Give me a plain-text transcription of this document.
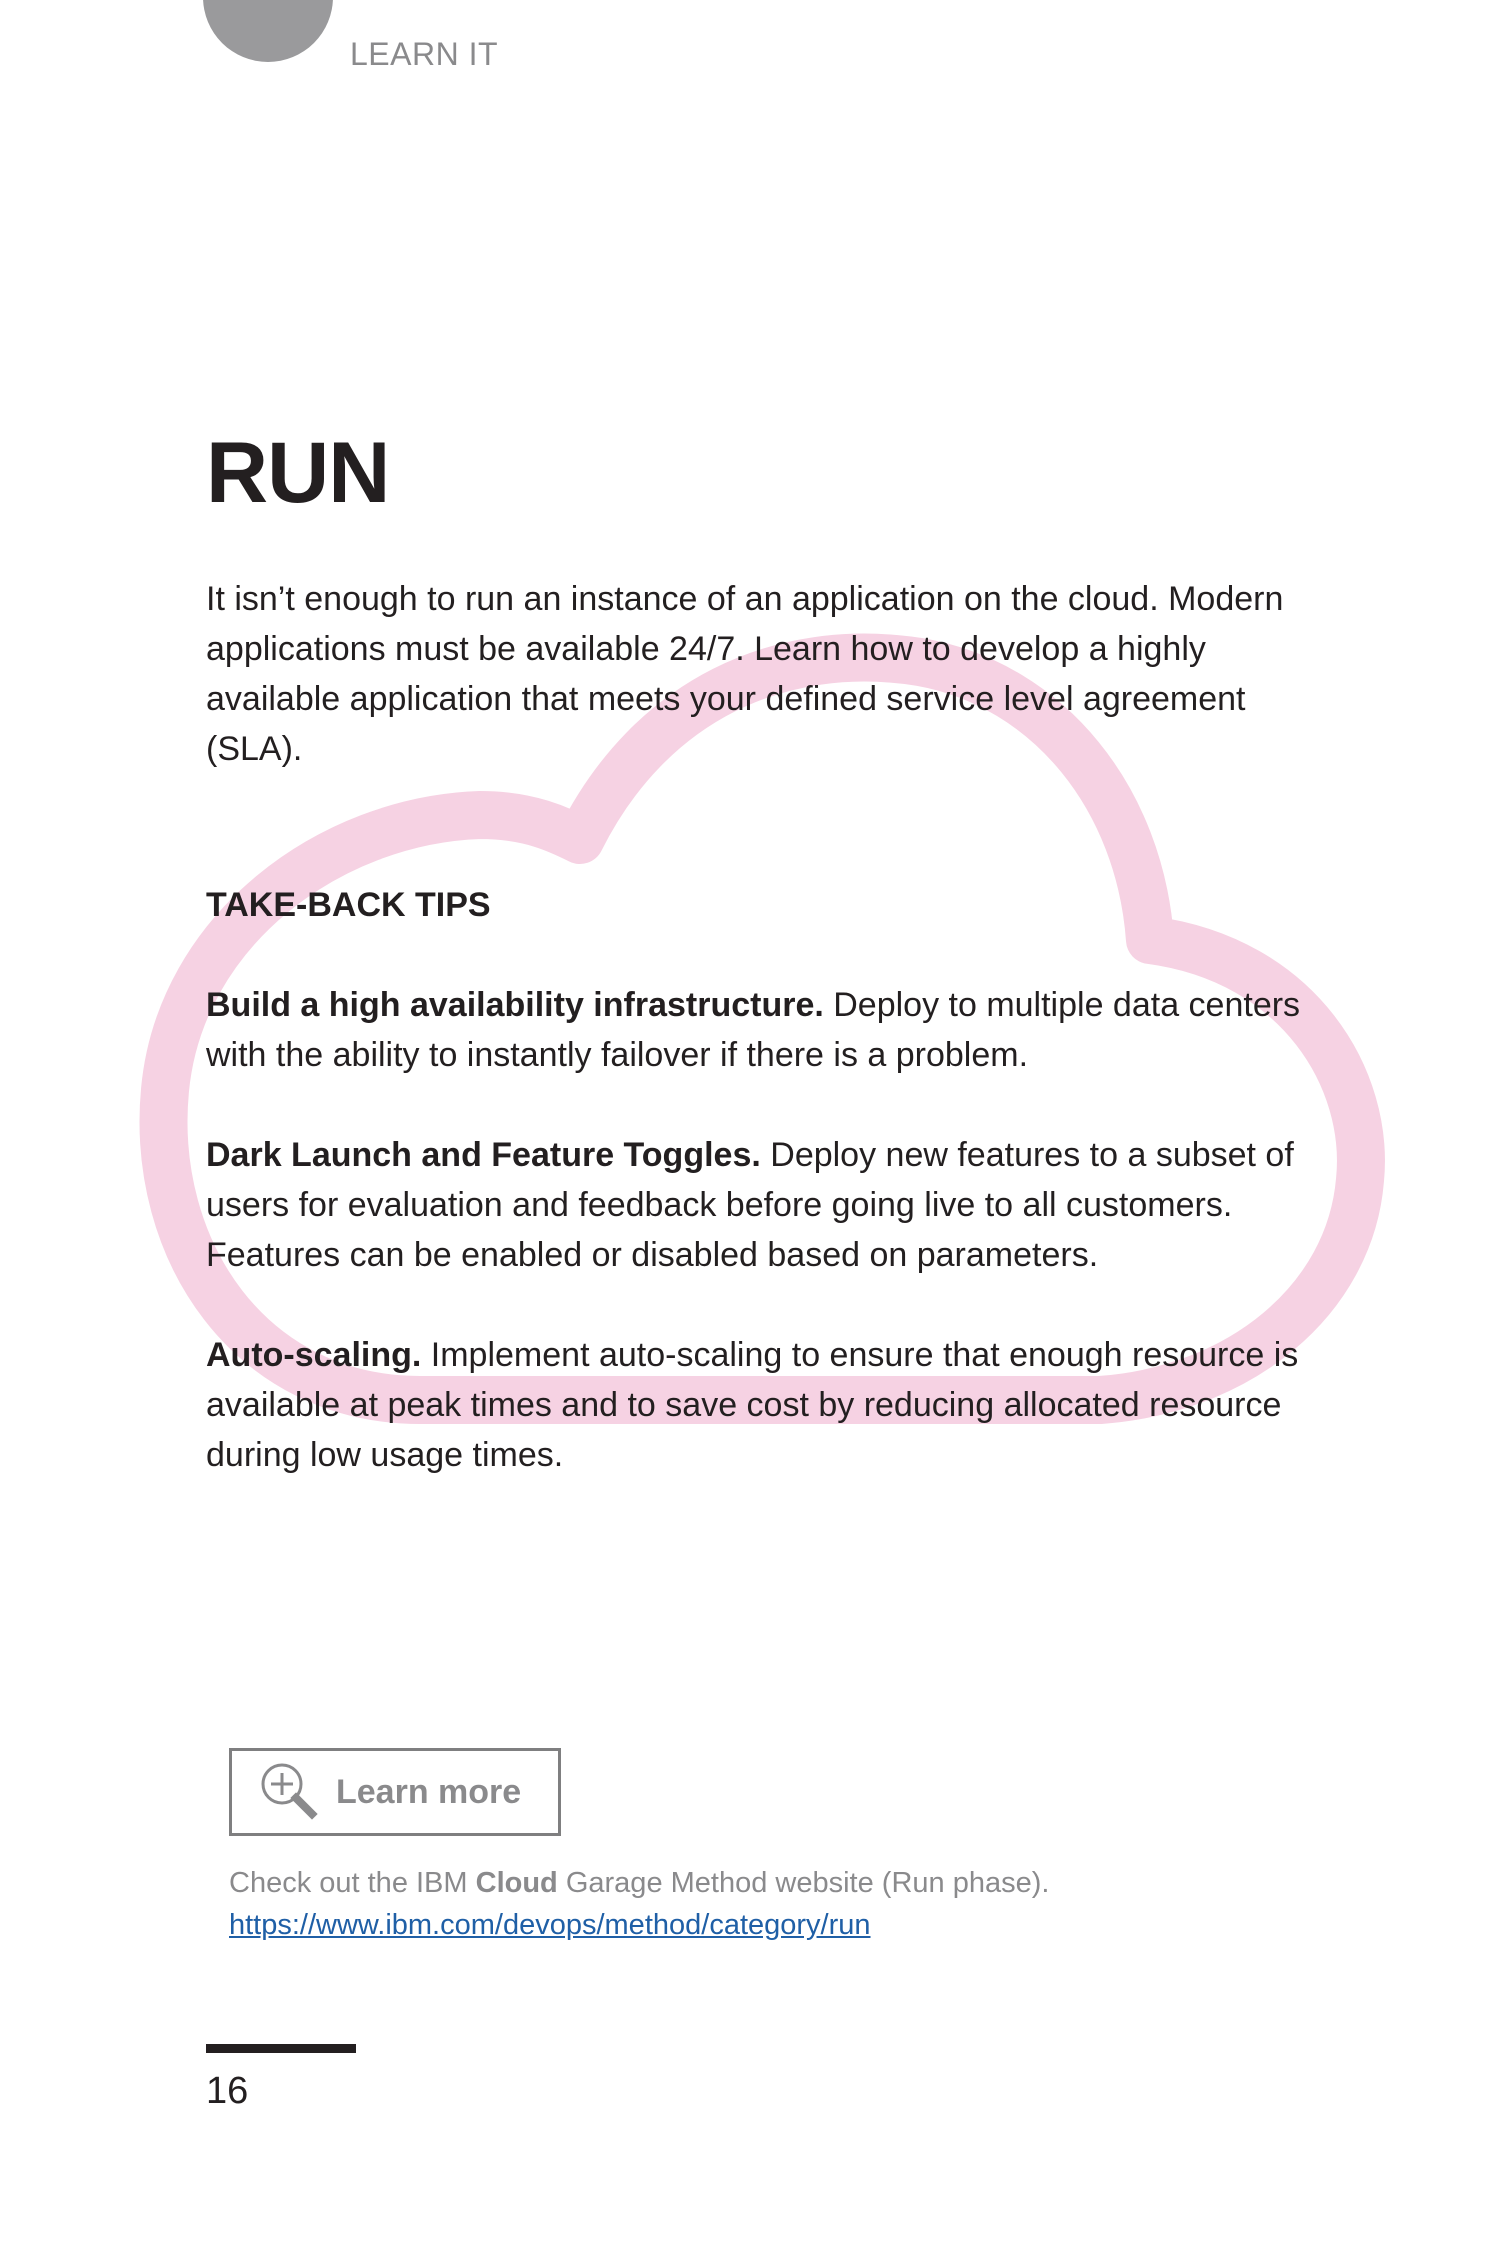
LEARN IT
RUN

It isn’t enough to run an instance of an application on the cloud. Modern applications must be available 24/7. Learn how to develop a highly available application that meets your defined service level agreement (SLA).

TAKE-BACK TIPS

Build a high availability infrastructure. Deploy to multiple data centers with the ability to instantly failover if there is a problem.

Dark Launch and Feature Toggles. Deploy new features to a subset of users for evaluation and feedback before going live to all customers. Features can be enabled or disabled based on parameters.

Auto-scaling. Implement auto-scaling to ensure that enough resource is available at peak times and to save cost by reducing allocated resource during low usage times.

Learn more
Check out the IBM Cloud Garage Method website (Run phase).
https://www.ibm.com/devops/method/category/run
16
